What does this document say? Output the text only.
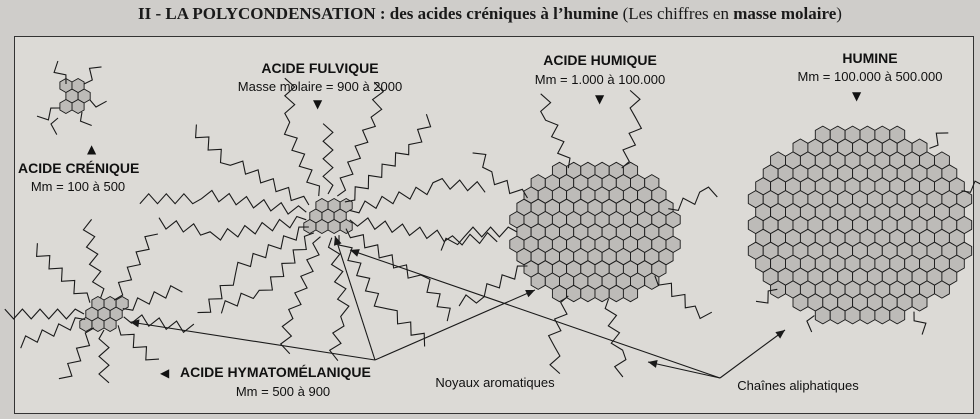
II - LA POLYCONDENSATION : des acides créniques à l’humine (Les chiffres en masse molaire)
ACIDE CRÉNIQUE
Mm = 100 à 500
▲
ACIDE FULVIQUE
Masse molaire = 900 à 2000
▼
ACIDE HUMIQUE
Mm = 1.000 à 100.000
▼
HUMINE
Mm = 100.000 à 500.000
▼
◀ ACIDE HYMATOMÉLANIQUE
Mm = 500 à 900
Noyaux aromatiques	Chaînes aliphatiques
